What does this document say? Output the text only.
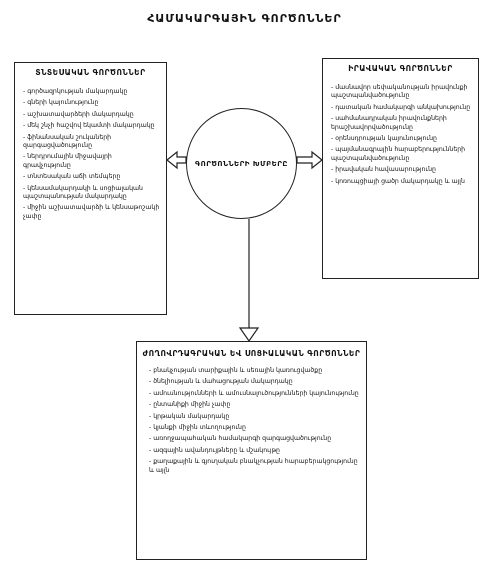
ՀԱՄԱԿԱՐԳԱՅԻՆ ԳՈՐԾՈՆՆԵՐ
ՏՆՏԵՍԱԿԱՆ ԳՈՐԾՈՆՆԵՐ
- գործազրկության մակարդակը
- գների կայունությունը
- աշխատավարձերի մակարդակը
- մեկ շնչի հաշվով եկամտի մակարդակը
- ֆինանսական շուկաների զարգացվածությունը
- ներդրումային միջավայրի գրավչությունը
- տնտեսական աճի տեմպերը
- կենսամակարդակի և սոցիալական պաշտպանության մակարդակը
- միջին աշխատավարձի և կենսաթոշակի չափը
ԻՐԱՎԱԿԱՆ ԳՈՐԾՈՆՆԵՐ
- մասնավոր սեփականության իրավունքի պաշտպանվածությունը
- դատական համակարգի անկախությունը
- սահմանադրական իրավունքների երաշխավորվածությունը
- օրենսդրության կայունությունը
- պայմանագրային հարաբերությունների պաշտպանվածությունը
- իրավական հավասարությունը
- կոռուպցիայի ցածր մակարդակը և այլն
ԳՈՐԾՈՆՆԵՐԻ ԽՄԲԵՐԸ
ԺՈՂՈՎՐԴԱԳՐԱԿԱՆ ԵՎ ՍՈՑԻԱԼԱԿԱՆ ԳՈՐԾՈՆՆԵՐ
- բնակչության տարիքային և սեռային կառուցվածքը
- ծնելիության և մահացության մակարդակը
- ամուսնությունների և ամուսնալուծությունների կայունությունը
- ընտանիքի միջին չափը
- կրթական մակարդակը
- կյանքի միջին տևողությունը
- առողջապահական համակարգի զարգացվածությունը
- ազգային ավանդույթները և մշակույթը
- քաղաքային և գյուղական բնակչության հարաբերակցությունը և այլն
